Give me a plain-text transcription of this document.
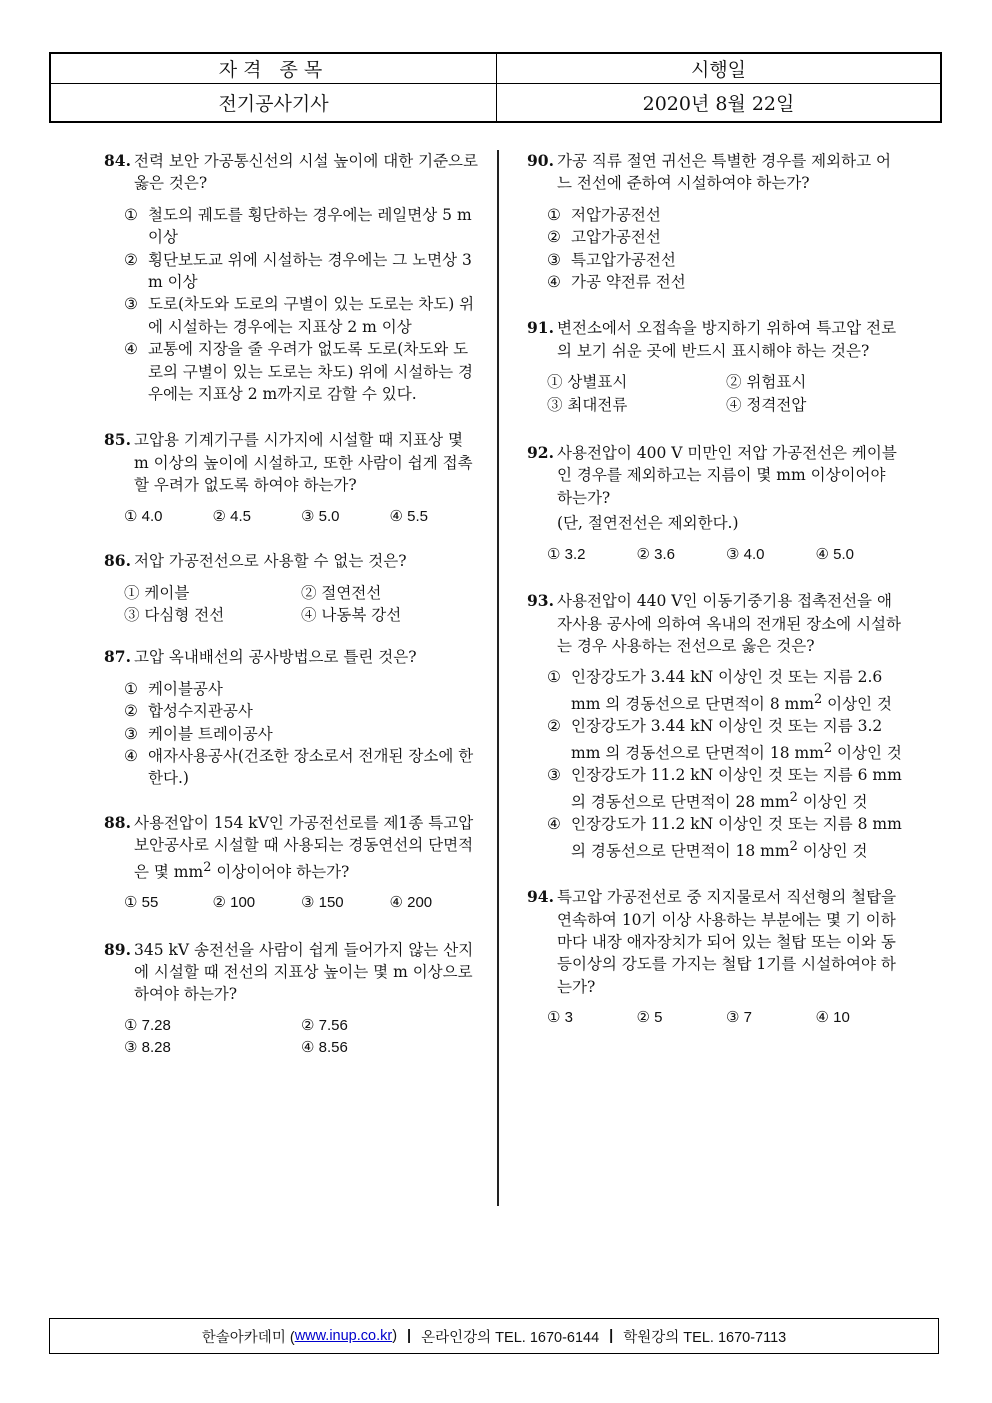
자격 종목	시행일
전기공사기사	2020년 8월 22일
84. 전력 보안 가공통신선의 시설 높이에 대한 기준으로 옳은 것은?
① 철도의 궤도를 횡단하는 경우에는 레일면상 5 m 이상
② 횡단보도교 위에 시설하는 경우에는 그 노면상 3 m 이상
③ 도로(차도와 도로의 구별이 있는 도로는 차도) 위에 시설하는 경우에는 지표상 2 m 이상
④ 교통에 지장을 줄 우려가 없도록 도로(차도와 도로의 구별이 있는 도로는 차도) 위에 시설하는 경우에는 지표상 2 m까지로 감할 수 있다.
85. 고압용 기계기구를 시가지에 시설할 때 지표상 몇 m 이상의 높이에 시설하고, 또한 사람이 쉽게 접촉할 우려가 없도록 하여야 하는가?
① 4.0	② 4.5	③ 5.0	④ 5.5
86. 저압 가공전선으로 사용할 수 없는 것은?
① 케이블	② 절연전선
③ 다심형 전선	④ 나동복 강선
87. 고압 옥내배선의 공사방법으로 틀린 것은?
① 케이블공사
② 합성수지관공사
③ 케이블 트레이공사
④ 애자사용공사(건조한 장소로서 전개된 장소에 한한다.)
88. 사용전압이 154 kV인 가공전선로를 제1종 특고압 보안공사로 시설할 때 사용되는 경동연선의 단면적은 몇 $mm^2$ 이상이어야 하는가?
① 55	② 100	③ 150	④ 200
89. 345 kV 송전선을 사람이 쉽게 들어가지 않는 산지에 시설할 때 전선의 지표상 높이는 몇 m 이상으로 하여야 하는가?
① 7.28	② 7.56
③ 8.28	④ 8.56
90. 가공 직류 절연 귀선은 특별한 경우를 제외하고 어느 전선에 준하여 시설하여야 하는가?
① 저압가공전선
② 고압가공전선
③ 특고압가공전선
④ 가공 약전류 전선
91. 변전소에서 오접속을 방지하기 위하여 특고압 전로의 보기 쉬운 곳에 반드시 표시해야 하는 것은?
① 상별표시	② 위험표시
③ 최대전류	④ 정격전압
92. 사용전압이 400 V 미만인 저압 가공전선은 케이블인 경우를 제외하고는 지름이 몇 mm 이상이어야 하는가?
(단, 절연전선은 제외한다.)
① 3.2	② 3.6	③ 4.0	④ 5.0
93. 사용전압이 440 V인 이동기중기용 접촉전선을 애자사용 공사에 의하여 옥내의 전개된 장소에 시설하는 경우 사용하는 전선으로 옳은 것은?
① 인장강도가 3.44 kN 이상인 것 또는 지름 2.6 mm 의 경동선으로 단면적이 8 $mm^2$ 이상인 것
② 인장강도가 3.44 kN 이상인 것 또는 지름 3.2 mm 의 경동선으로 단면적이 18 $mm^2$ 이상인 것
③ 인장강도가 11.2 kN 이상인 것 또는 지름 6 mm 의 경동선으로 단면적이 28 $mm^2$ 이상인 것
④ 인장강도가 11.2 kN 이상인 것 또는 지름 8 mm 의 경동선으로 단면적이 18 $mm^2$ 이상인 것
94. 특고압 가공전선로 중 지지물로서 직선형의 철탑을 연속하여 10기 이상 사용하는 부분에는 몇 기 이하마다 내장 애자장치가 되어 있는 철탑 또는 이와 동등이상의 강도를 가지는 철탑 1기를 시설하여야 하는가?
① 3	② 5	③ 7	④ 10
한솔아카데미 ( www.inup.co.kr ) | 온라인강의 TEL. 1670-6144 | 학원강의 TEL. 1670-7113
